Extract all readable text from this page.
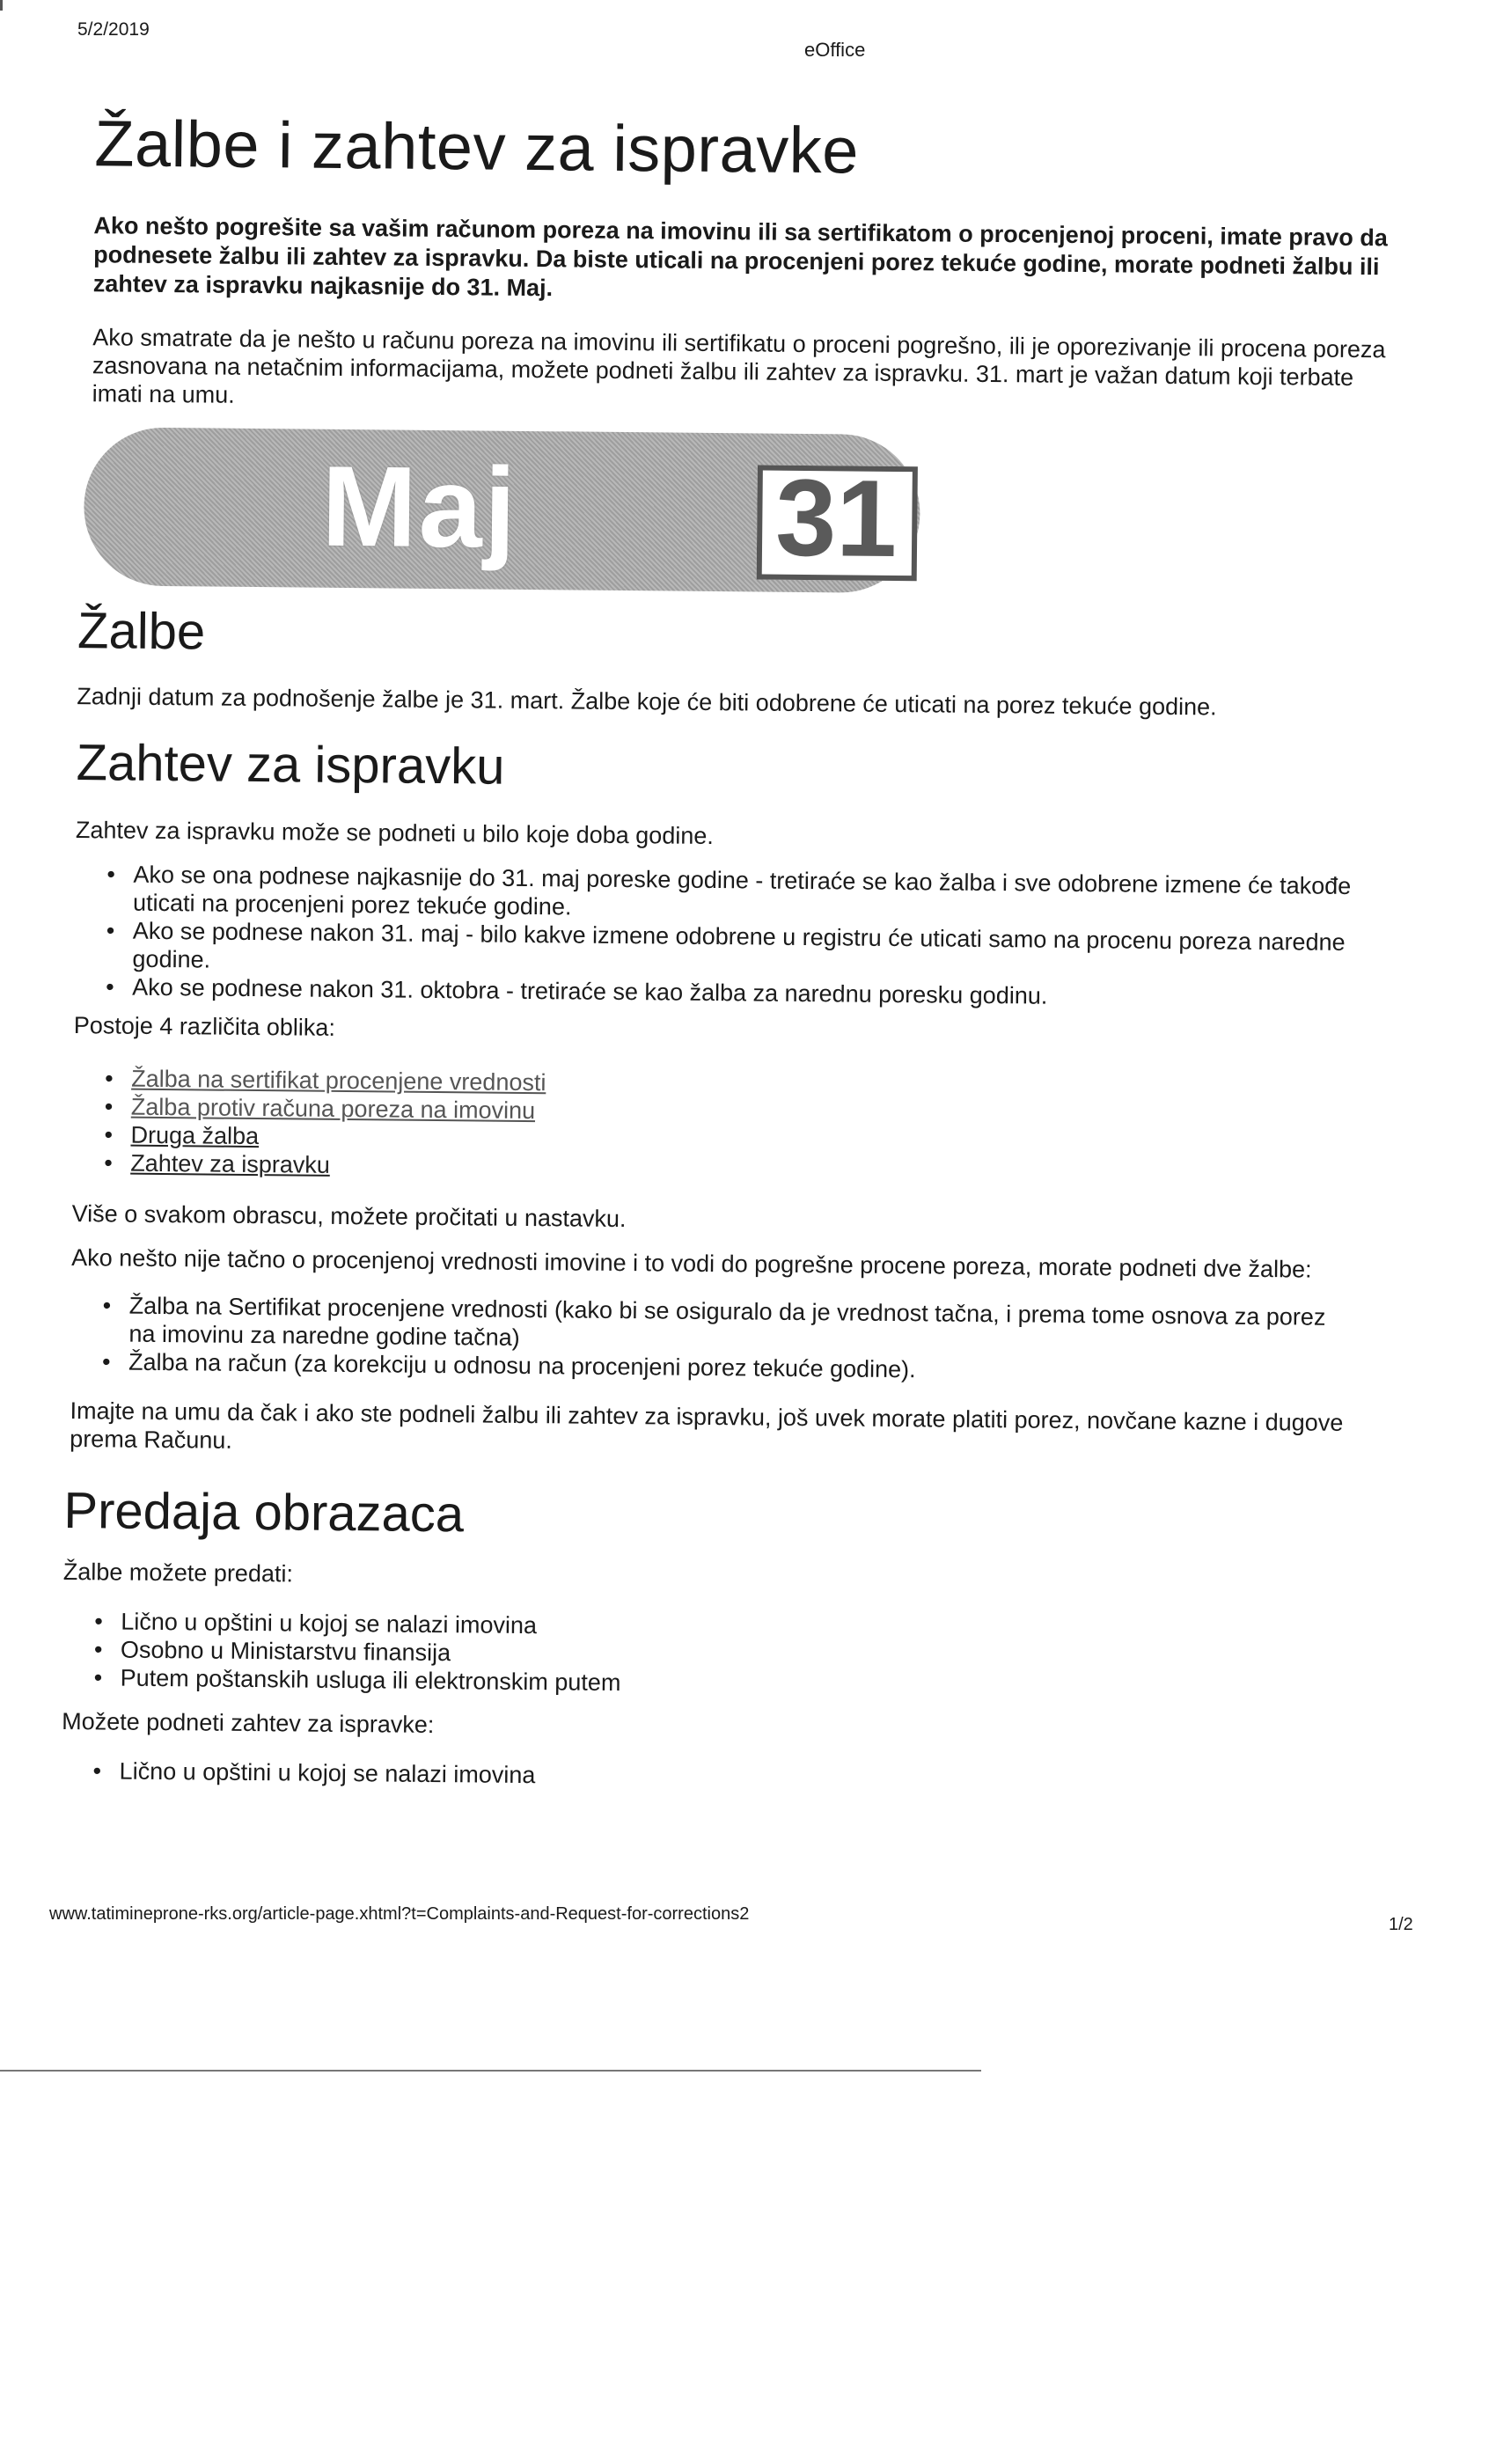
5/2/2019
eOffice
Žalbe i zahtev za ispravke

Ako nešto pogrešite sa vašim računom poreza na imovinu ili sa sertifikatom o procenjenoj proceni, imate pravo da podnesete žalbu ili zahtev za ispravku. Da biste uticali na procenjeni porez tekuće godine, morate podneti žalbu ili zahtev za ispravku najkasnije do 31. Maj.

Ako smatrate da je nešto u računu poreza na imovinu ili sertifikatu o proceni pogrešno, ili je oporezivanje ili procena poreza zasnovana na netačnim informacijama, možete podneti žalbu ili zahtev za ispravku. 31. mart je važan datum koji terbate imati na umu.

Maj 31
Žalbe

Zadnji datum za podnošenje žalbe je 31. mart. Žalbe koje će biti odobrene će uticati na porez tekuće godine.

Zahtev za ispravku

Zahtev za ispravku može se podneti u bilo koje doba godine.

• Ako se ona podnese najkasnije do 31. maj poreske godine - tretiraće se kao žalba i sve odobrene izmene će takođe uticati na procenjeni porez tekuće godine.
• Ako se podnese nakon 31. maj - bilo kakve izmene odobrene u registru će uticati samo na procenu poreza naredne godine.
• Ako se podnese nakon 31. oktobra - tretiraće se kao žalba za narednu poresku godinu.

Postoje 4 različita oblika:

• Žalba na sertifikat procenjene vrednosti
• Žalba protiv računa poreza na imovinu
• Druga žalba
• Zahtev za ispravku

Više o svakom obrascu, možete pročitati u nastavku.

Ako nešto nije tačno o procenjenoj vrednosti imovine i to vodi do pogrešne procene poreza, morate podneti dve žalbe:

• Žalba na Sertifikat procenjene vrednosti (kako bi se osiguralo da je vrednost tačna, i prema tome osnova za porez na imovinu za naredne godine tačna)
• Žalba na račun (za korekciju u odnosu na procenjeni porez tekuće godine).

Imajte na umu da čak i ako ste podneli žalbu ili zahtev za ispravku, još uvek morate platiti porez, novčane kazne i dugove prema Računu.

Predaja obrazaca

Žalbe možete predati:

• Lično u opštini u kojoj se nalazi imovina
• Osobno u Ministarstvu finansija
• Putem poštanskih usluga ili elektronskim putem

Možete podneti zahtev za ispravke:

• Lično u opštini u kojoj se nalazi imovina
www.tatimineprone-rks.org/article-page.xhtml?t=Complaints-and-Request-for-corrections2
1/2
